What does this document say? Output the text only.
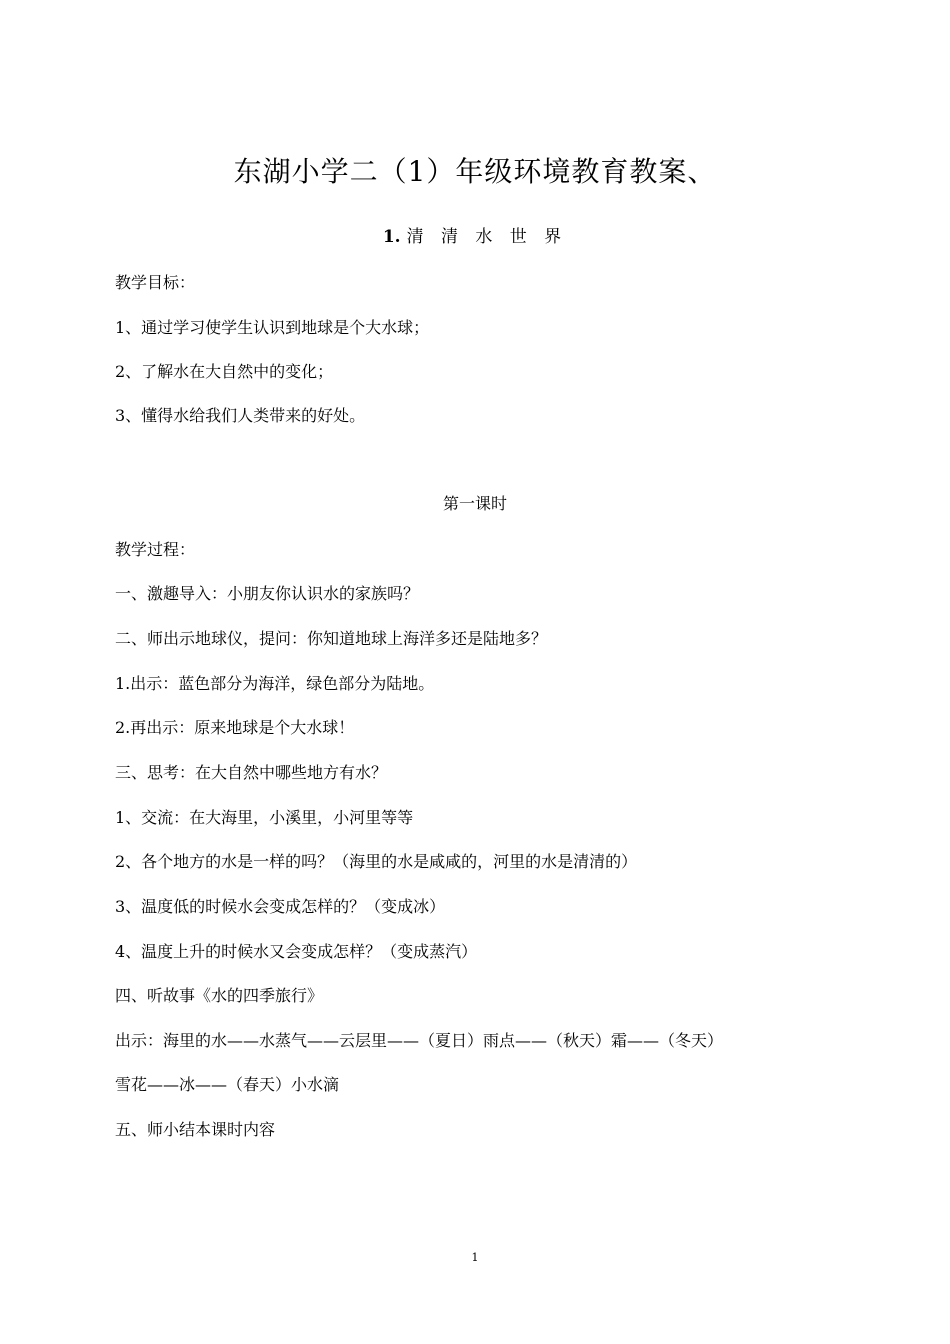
东湖小学二（1）年级环境教育教案、
1. 清 清 水 世 界
教学目标：
1、通过学习使学生认识到地球是个大水球；
2、了解水在大自然中的变化；
3、懂得水给我们人类带来的好处。
第一课时
教学过程：
一、激趣导入：小朋友你认识水的家族吗？
二、师出示地球仪，提问：你知道地球上海洋多还是陆地多？
1.出示：蓝色部分为海洋，绿色部分为陆地。
2.再出示：原来地球是个大水球！
三、思考：在大自然中哪些地方有水？
1、交流：在大海里，小溪里，小河里等等
2、各个地方的水是一样的吗？（海里的水是咸咸的，河里的水是清清的）
3、温度低的时候水会变成怎样的？（变成冰）
4、温度上升的时候水又会变成怎样？（变成蒸汽）
四、听故事《水的四季旅行》
出示：海里的水——水蒸气——云层里——（夏日）雨点——（秋天）霜——（冬天）
雪花——冰——（春天）小水滴
五、师小结本课时内容
1
